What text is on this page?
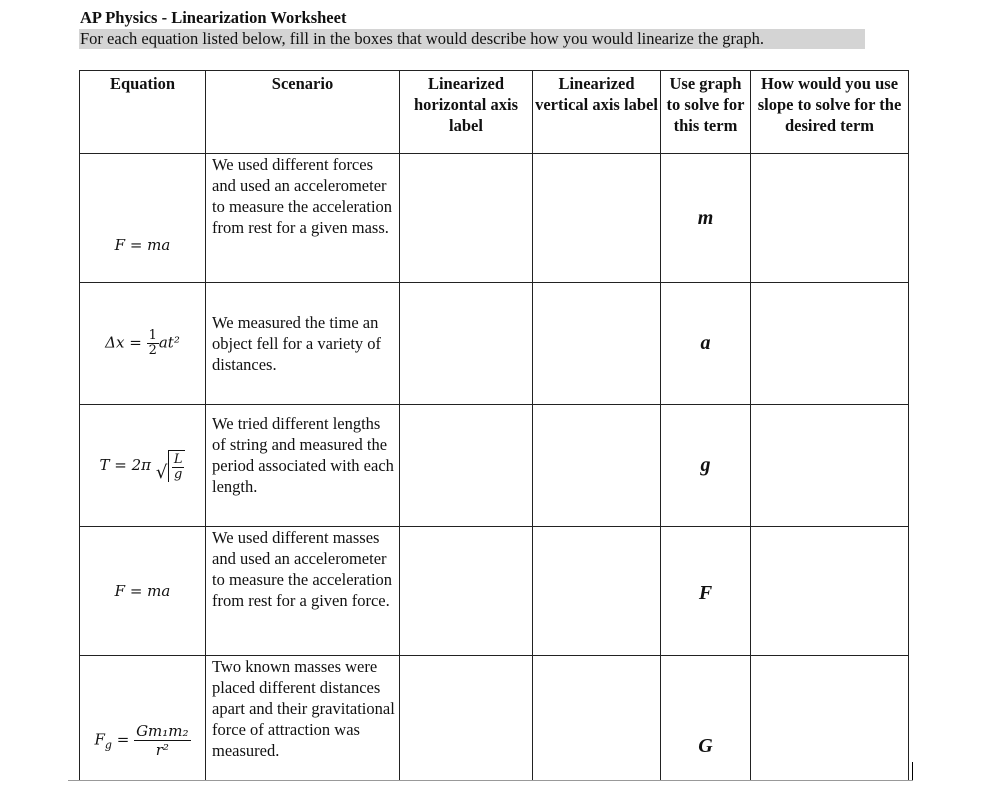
AP Physics - Linearization Worksheet
For each equation listed below, fill in the boxes that would describe how you would linearize the graph.
Equation	Scenario	Linearized horizontal axis label	Linearized vertical axis label	Use graph to solve for this term	How would you use slope to solve for the desired term
F = ma	We used different forces and used an accelerometer to measure the acceleration from rest for a given mass.			m	
$\Delta x = \frac{1}{2} at^2$	We measured the time an object fell for a variety of distances.			a	
T = 2π √ $\frac{L}{g}$	We tried different lengths of string and measured the period associated with each length.			g	
F = ma	We used different masses and used an accelerometer to measure the acceleration from rest for a given force.			F	
$F_g = \frac{\text{Gm₁m₂}}{\text{r²}}$	Two known masses were placed different distances apart and their gravitational force of attraction was measured.			G	
